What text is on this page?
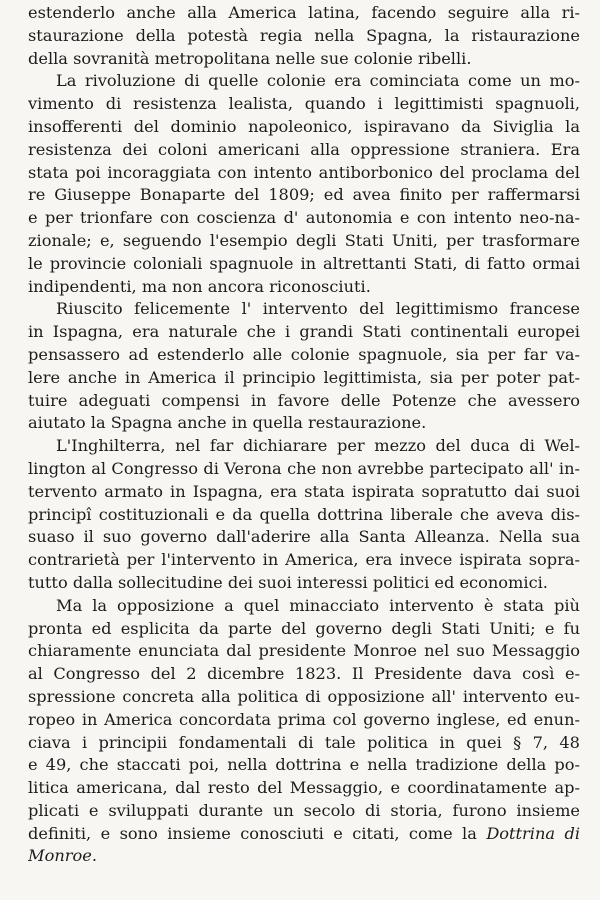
estenderlo anche alla America latina, facendo seguire alla ri-
staurazione della potestà regia nella Spagna, la ristaurazione
della sovranità metropolitana nelle sue colonie ribelli.
La rivoluzione di quelle colonie era cominciata come un mo-
vimento di resistenza lealista, quando i legittimisti spagnuoli,
insofferenti del dominio napoleonico, ispiravano da Siviglia la
resistenza dei coloni americani alla oppressione straniera. Era
stata poi incoraggiata con intento antiborbonico del proclama del
re Giuseppe Bonaparte del 1809; ed avea finito per raffermarsi
e per trionfare con coscienza d' autonomia e con intento neo-na-
zionale; e, seguendo l'esempio degli Stati Uniti, per trasformare
le provincie coloniali spagnuole in altrettanti Stati, di fatto ormai
indipendenti, ma non ancora riconosciuti.
Riuscito felicemente l' intervento del legittimismo francese
in Ispagna, era naturale che i grandi Stati continentali europei
pensassero ad estenderlo alle colonie spagnuole, sia per far va-
lere anche in America il principio legittimista, sia per poter pat-
tuire adeguati compensi in favore delle Potenze che avessero
aiutato la Spagna anche in quella restaurazione.
L'Inghilterra, nel far dichiarare per mezzo del duca di Wel-
lington al Congresso di Verona che non avrebbe partecipato all' in-
tervento armato in Ispagna, era stata ispirata sopratutto dai suoi
principî costituzionali e da quella dottrina liberale che aveva dis-
suaso il suo governo dall'aderire alla Santa Alleanza. Nella sua
contrarietà per l'intervento in America, era invece ispirata sopra-
tutto dalla sollecitudine dei suoi interessi politici ed economici.
Ma la opposizione a quel minacciato intervento è stata più
pronta ed esplicita da parte del governo degli Stati Uniti; e fu
chiaramente enunciata dal presidente Monroe nel suo Messaggio
al Congresso del 2 dicembre 1823. Il Presidente dava così e-
spressione concreta alla politica di opposizione all' intervento eu-
ropeo in America concordata prima col governo inglese, ed enun-
ciava i principii fondamentali di tale politica in quei § 7, 48
e 49, che staccati poi, nella dottrina e nella tradizione della po-
litica americana, dal resto del Messaggio, e coordinatamente ap-
plicati e sviluppati durante un secolo di storia, furono insieme
definiti, e sono insieme conosciuti e citati, come la Dottrina di
Monroe.
